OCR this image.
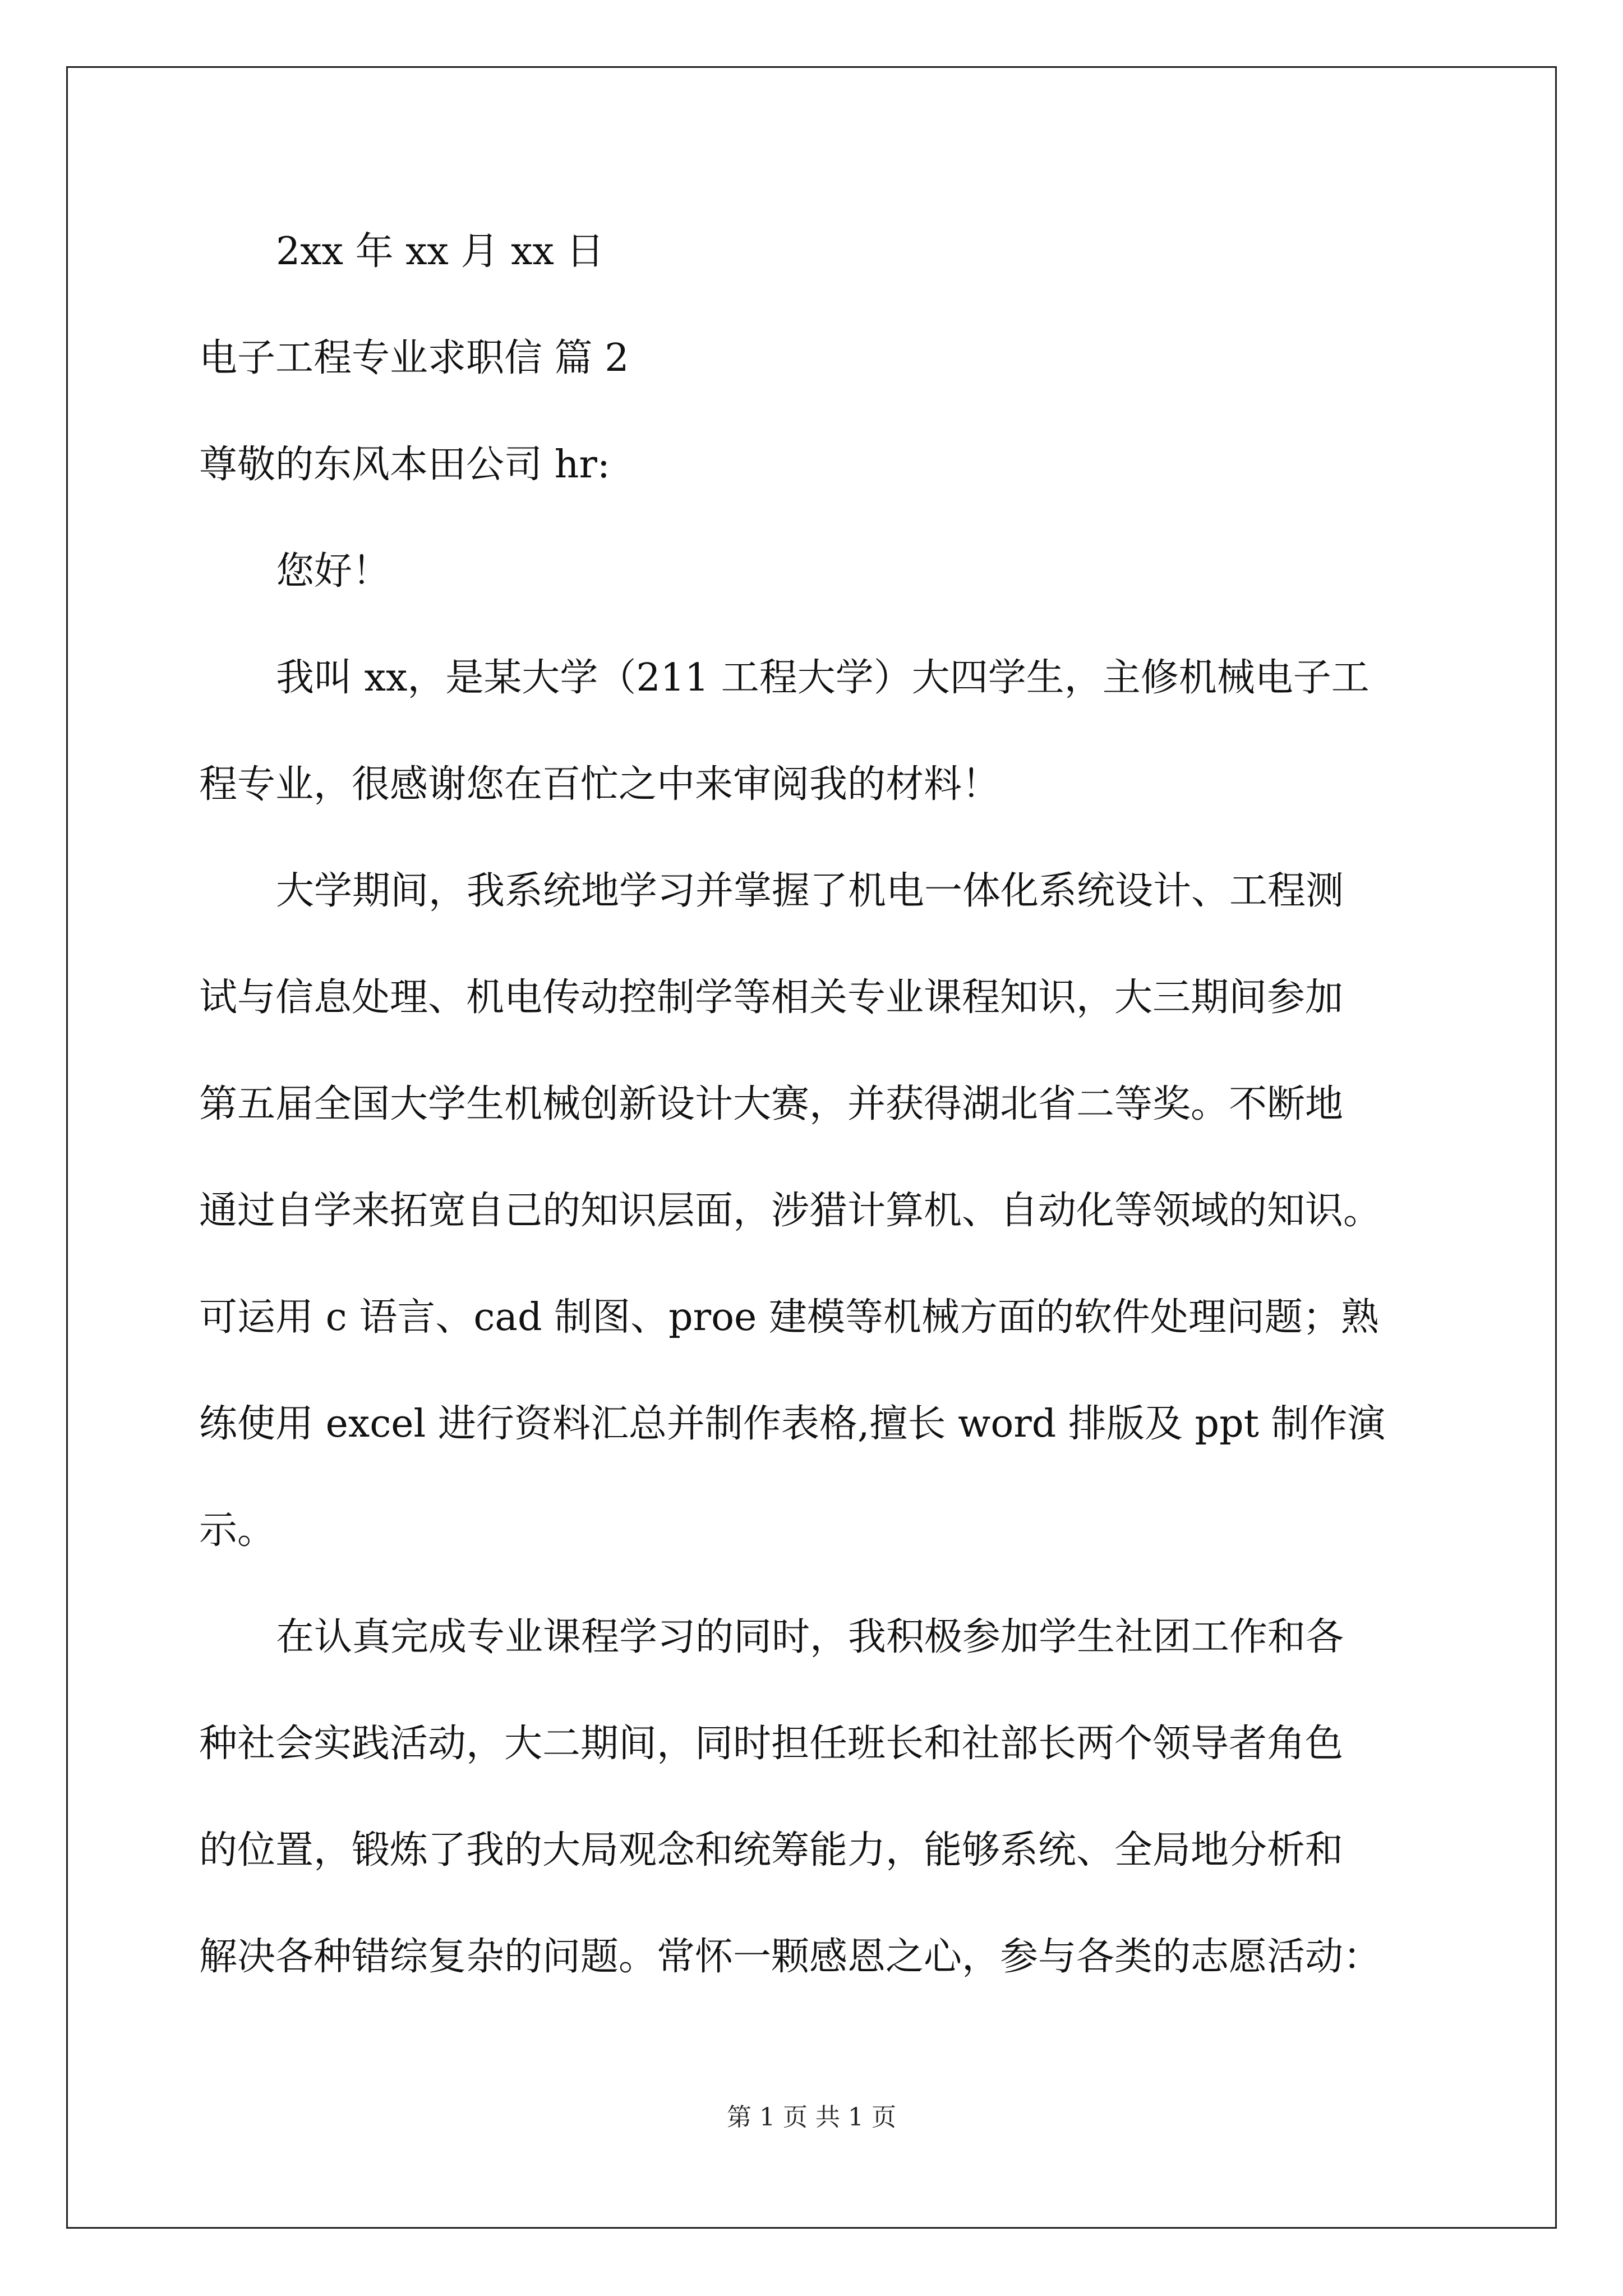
2xx 年 xx 月 xx 日
电子工程专业求职信 篇 2
尊敬的东风本田公司 hr:
您好！
我叫 xx，是某大学（211 工程大学）大四学生，主修机械电子工
程专业，很感谢您在百忙之中来审阅我的材料！
大学期间，我系统地学习并掌握了机电一体化系统设计、工程测
试与信息处理、机电传动控制学等相关专业课程知识，大三期间参加
第五届全国大学生机械创新设计大赛，并获得湖北省二等奖。不断地
通过自学来拓宽自己的知识层面，涉猎计算机、自动化等领域的知识。
可运用 c 语言、cad 制图、proe 建模等机械方面的软件处理问题；熟
练使用 excel 进行资料汇总并制作表格,擅长 word 排版及 ppt 制作演
示。
在认真完成专业课程学习的同时，我积极参加学生社团工作和各
种社会实践活动，大二期间，同时担任班长和社部长两个领导者角色
的位置，锻炼了我的大局观念和统筹能力，能够系统、全局地分析和
解决各种错综复杂的问题。常怀一颗感恩之心，参与各类的志愿活动：
第 1 页 共 1 页
